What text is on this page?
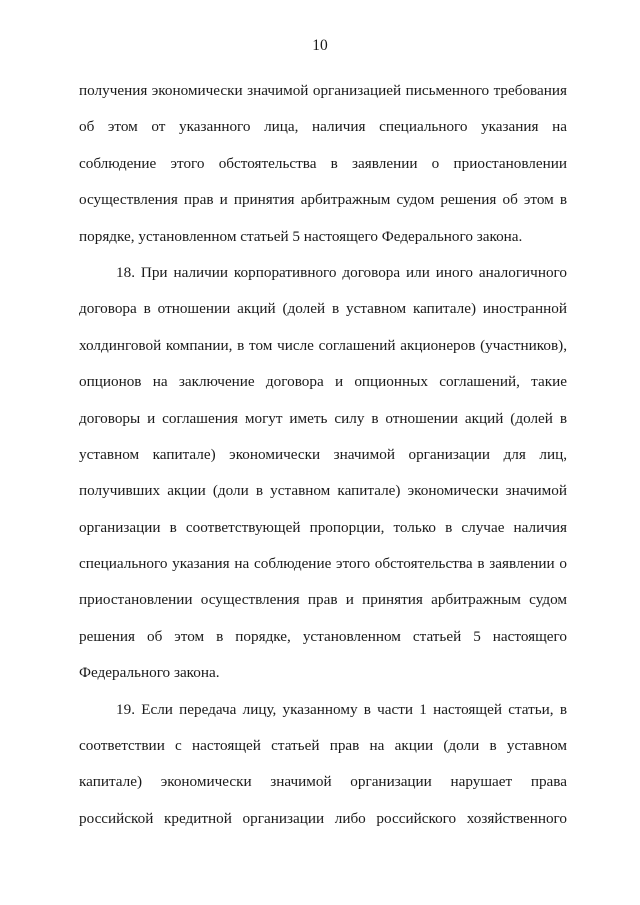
10
получения экономически значимой организацией письменного требования
об этом от указанного лица, наличия специального указания на
соблюдение этого обстоятельства в заявлении о приостановлении
осуществления прав и принятия арбитражным судом решения об этом в
порядке, установленном статьей 5 настоящего Федерального закона.
18. При наличии корпоративного договора или иного аналогичного
договора в отношении акций (долей в уставном капитале) иностранной
холдинговой компании, в том числе соглашений акционеров (участников),
опционов на заключение договора и опционных соглашений, такие
договоры и соглашения могут иметь силу в отношении акций (долей в
уставном капитале) экономически значимой организации для лиц,
получивших акции (доли в уставном капитале) экономически значимой
организации в соответствующей пропорции, только в случае наличия
специального указания на соблюдение этого обстоятельства в заявлении о
приостановлении осуществления прав и принятия арбитражным судом
решения об этом в порядке, установленном статьей 5 настоящего
Федерального закона.
19. Если передача лицу, указанному в части 1 настоящей статьи, в
соответствии с настоящей статьей прав на акции (доли в уставном
капитале) экономически значимой организации нарушает права
российской кредитной организации либо российского хозяйственного
